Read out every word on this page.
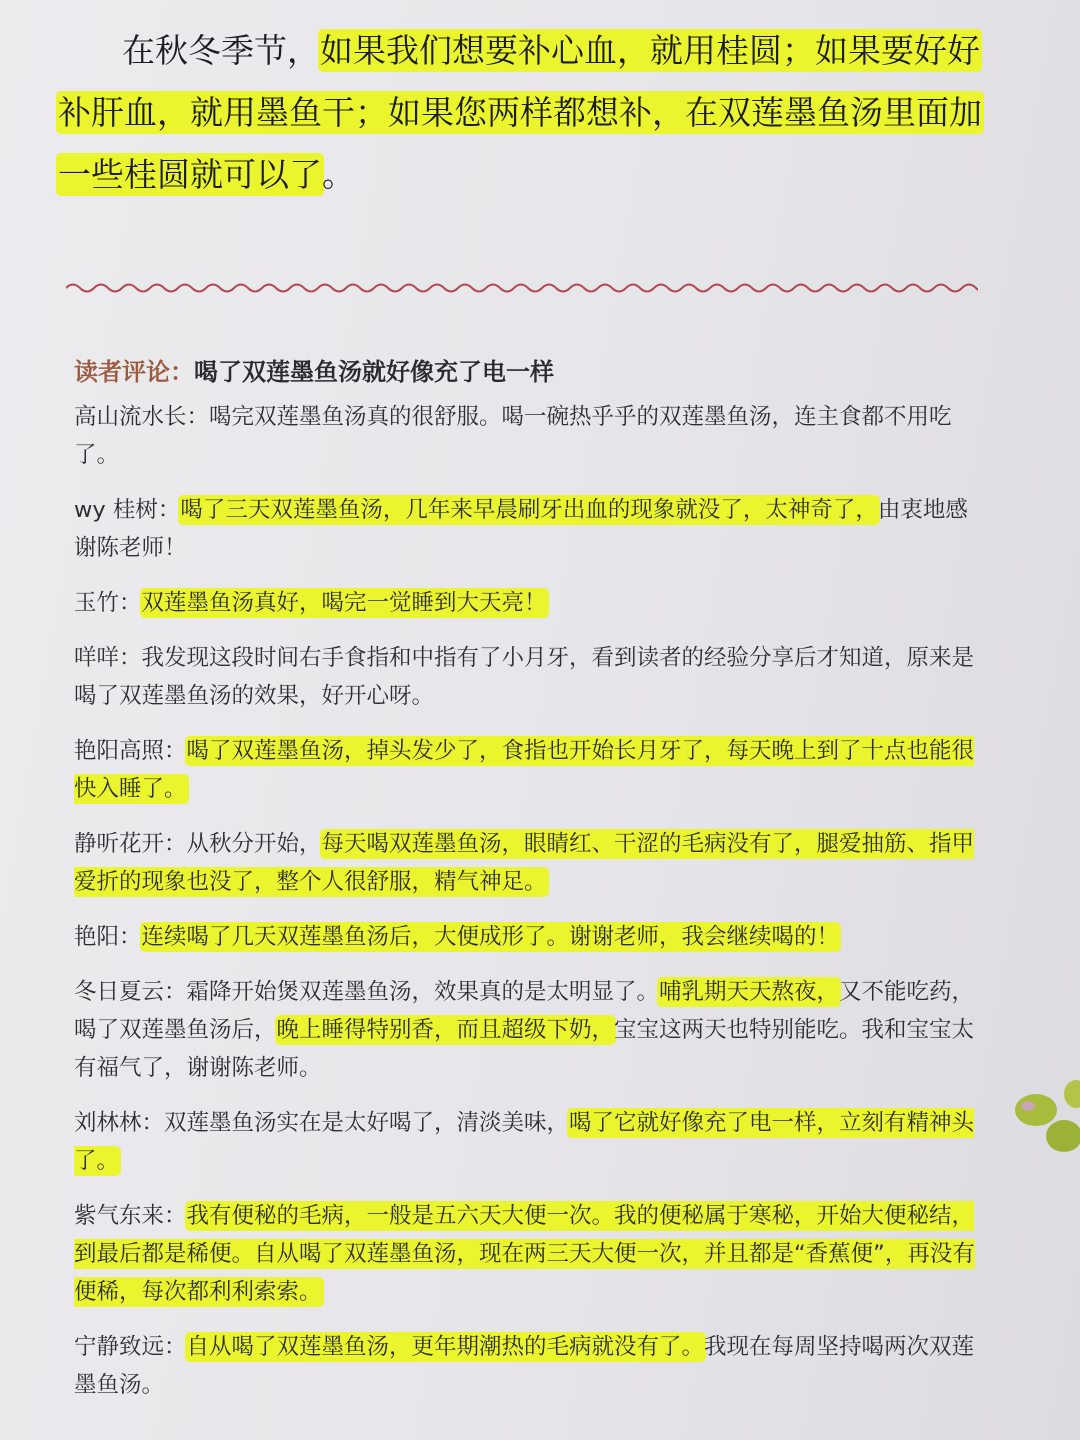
在秋冬季节，如果我们想要补心血，就用桂圆；如果要好好
补肝血，就用墨鱼干；如果您两样都想补，在双莲墨鱼汤里面加
一些桂圆就可以了。
读者评论：喝了双莲墨鱼汤就好像充了电一样
高山流水长：喝完双莲墨鱼汤真的很舒服。喝一碗热乎乎的双莲墨鱼汤，连主食都不用吃了。
wy 桂树：喝了三天双莲墨鱼汤，几年来早晨刷牙出血的现象就没了，太神奇了，由衷地感谢陈老师！
玉竹：双莲墨鱼汤真好，喝完一觉睡到大天亮！
咩咩：我发现这段时间右手食指和中指有了小月牙，看到读者的经验分享后才知道，原来是喝了双莲墨鱼汤的效果，好开心呀。
艳阳高照：喝了双莲墨鱼汤，掉头发少了，食指也开始长月牙了，每天晚上到了十点也能很快入睡了。
静听花开：从秋分开始，每天喝双莲墨鱼汤，眼睛红、干涩的毛病没有了，腿爱抽筋、指甲爱折的现象也没了，整个人很舒服，精气神足。
艳阳：连续喝了几天双莲墨鱼汤后，大便成形了。谢谢老师，我会继续喝的！
冬日夏云：霜降开始煲双莲墨鱼汤，效果真的是太明显了。哺乳期天天熬夜，又不能吃药，喝了双莲墨鱼汤后，晚上睡得特别香，而且超级下奶，宝宝这两天也特别能吃。我和宝宝太有福气了，谢谢陈老师。
刘林林：双莲墨鱼汤实在是太好喝了，清淡美味，喝了它就好像充了电一样，立刻有精神头了。
紫气东来：我有便秘的毛病，一般是五六天大便一次。我的便秘属于寒秘，开始大便秘结，到最后都是稀便。自从喝了双莲墨鱼汤，现在两三天大便一次，并且都是“香蕉便”，再没有便稀，每次都利利索索。
宁静致远：自从喝了双莲墨鱼汤，更年期潮热的毛病就没有了。我现在每周坚持喝两次双莲墨鱼汤。
